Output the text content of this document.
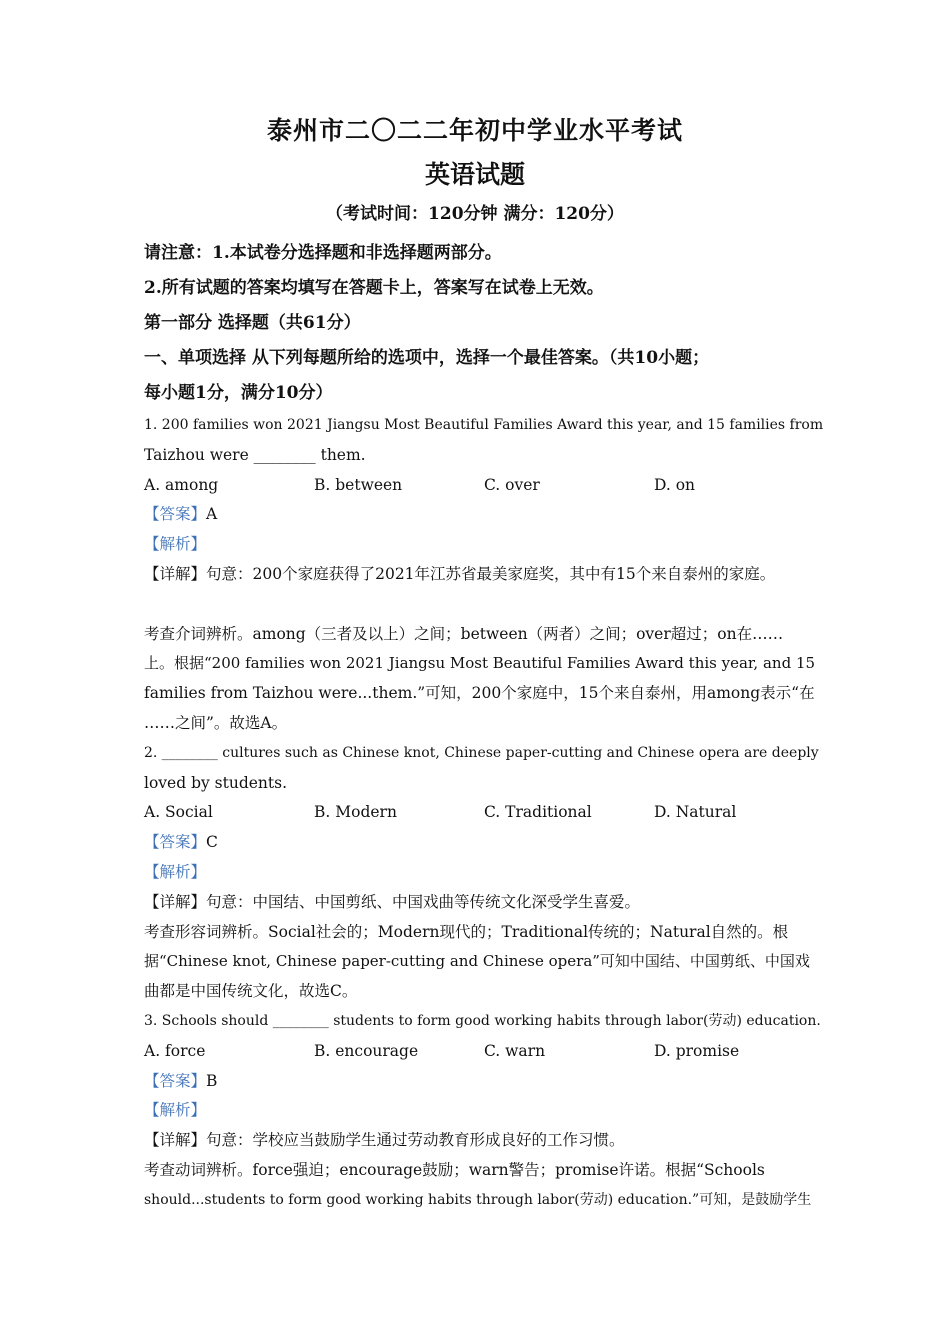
泰州市二〇二二年初中学业水平考试
英语试题
（考试时间：120分钟 满分：120分）
请注意：1.本试卷分选择题和非选择题两部分。
2.所有试题的答案均填写在答题卡上，答案写在试卷上无效。
第一部分 选择题（共61分）
一、单项选择 从下列每题所给的选项中，选择一个最佳答案。（共10小题；
每小题1分，满分10分）
1. 200 families won 2021 Jiangsu Most Beautiful Families Award this year, and 15 families from
Taizhou were ________ them.
A. among	B. between	C. over	D. on
【答案】A
【解析】
【详解】句意：200个家庭获得了2021年江苏省最美家庭奖，其中有15个来自泰州的家庭。
考查介词辨析。among（三者及以上）之间；between（两者）之间；over超过；on在……
上。根据“200 families won 2021 Jiangsu Most Beautiful Families Award this year, and 15
families from Taizhou were...them.”可知，200个家庭中，15个来自泰州，用among表示“在
……之间”。故选A。
2. ________ cultures such as Chinese knot, Chinese paper-cutting and Chinese opera are deeply
loved by students.
A. Social	B. Modern	C. Traditional	D. Natural
【答案】C
【解析】
【详解】句意：中国结、中国剪纸、中国戏曲等传统文化深受学生喜爱。
考查形容词辨析。Social社会的；Modern现代的；Traditional传统的；Natural自然的。根
据“Chinese knot, Chinese paper-cutting and Chinese opera”可知中国结、中国剪纸、中国戏
曲都是中国传统文化，故选C。
3. Schools should ________ students to form good working habits through labor(劳动) education.
A. force	B. encourage	C. warn	D. promise
【答案】B
【解析】
【详解】句意：学校应当鼓励学生通过劳动教育形成良好的工作习惯。
考查动词辨析。force强迫；encourage鼓励；warn警告；promise许诺。根据“Schools
should...students to form good working habits through labor(劳动) education.”可知，是鼓励学生
